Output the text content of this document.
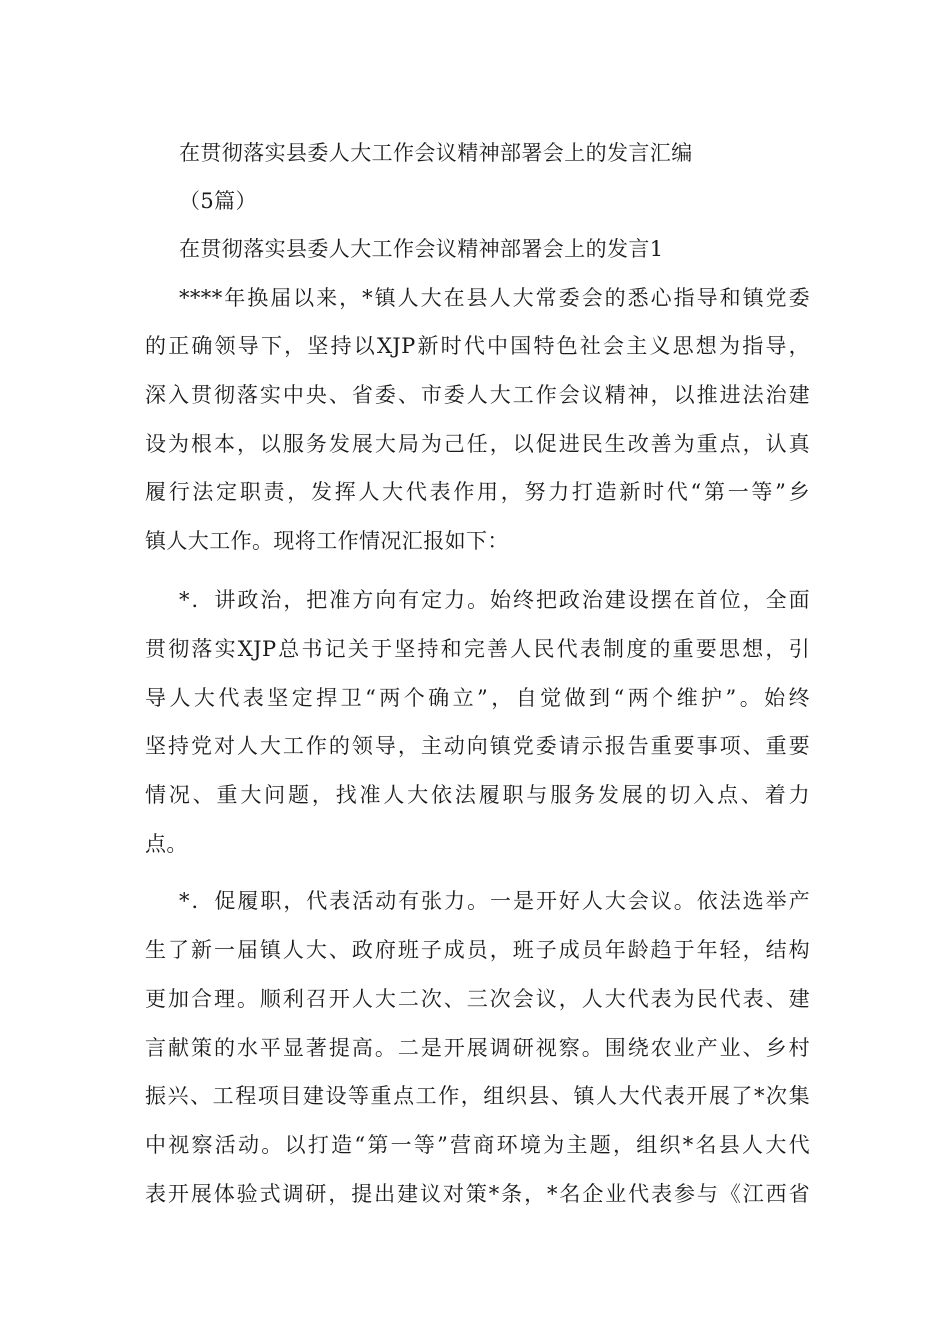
在贯彻落实县委人大工作会议精神部署会上的发言汇编
（5篇）
在贯彻落实县委人大工作会议精神部署会上的发言1
****年换届以来，*镇人大在县人大常委会的悉心指导和镇党委
的正确领导下，坚持以XJP新时代中国特色社会主义思想为指导，
深入贯彻落实中央、省委、市委人大工作会议精神，以推进法治建
设为根本，以服务发展大局为己任，以促进民生改善为重点，认真
履行法定职责，发挥人大代表作用，努力打造新时代“第一等”乡
镇人大工作。现将工作情况汇报如下：
*．讲政治，把准方向有定力。始终把政治建设摆在首位，全面
贯彻落实XJP总书记关于坚持和完善人民代表制度的重要思想，引
导人大代表坚定捍卫“两个确立”，自觉做到“两个维护”。始终
坚持党对人大工作的领导，主动向镇党委请示报告重要事项、重要
情况、重大问题，找准人大依法履职与服务发展的切入点、着力
点。
*．促履职，代表活动有张力。一是开好人大会议。依法选举产
生了新一届镇人大、政府班子成员，班子成员年龄趋于年轻，结构
更加合理。顺利召开人大二次、三次会议，人大代表为民代表、建
言献策的水平显著提高。二是开展调研视察。围绕农业产业、乡村
振兴、工程项目建设等重点工作，组织县、镇人大代表开展了*次集
中视察活动。以打造“第一等”营商环境为主题，组织*名县人大代
表开展体验式调研，提出建议对策*条，*名企业代表参与《江西省
